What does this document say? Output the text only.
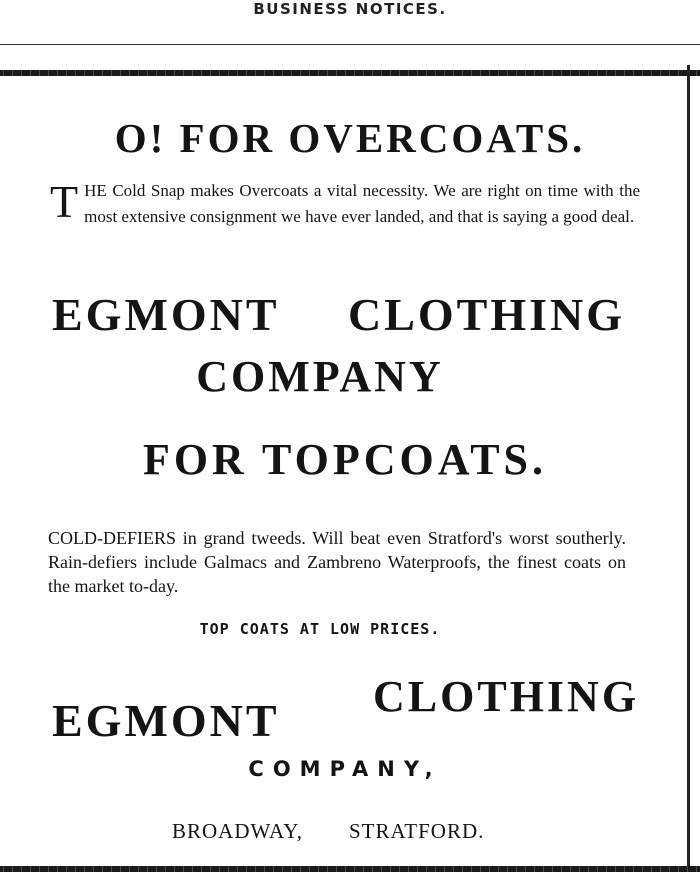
BUSINESS NOTICES.
O! FOR OVERCOATS.
T HE Cold Snap makes Overcoats a vital necessity. We are right on time with the most extensive consignment we have ever landed, and that is saying a good deal.

EGMONT CLOTHING
COMPANY
FOR TOPCOATS.

COLD-DEFIERS in grand tweeds. Will beat even Stratford's worst southerly. Rain-defiers include Galmacs and Zambreno Waterproofs, the finest coats on the market to-day.

TOP COATS AT LOW PRICES.
CLOTHING
EGMONT
COMPANY,
BROADWAY, STRATFORD.
